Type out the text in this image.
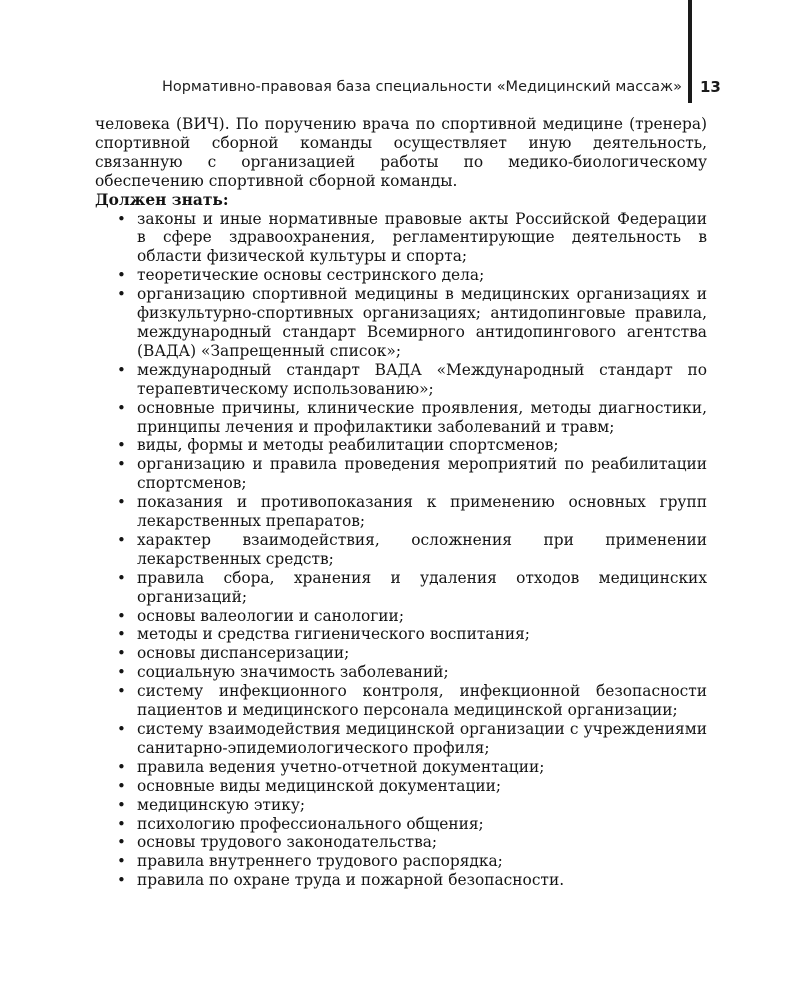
Нормативно-правовая база специальности «Медицинский массаж» 13

человека (ВИЧ). По поручению врача по спортивной медицине (тренера) спортивной сборной команды осуществляет иную деятельность, связанную с организацией работы по медико-биологическому обеспечению спортивной сборной команды.

Должен знать:

• законы и иные нормативные правовые акты Российской Федерации в сфере здравоохранения, регламентирующие деятельность в области физической культуры и спорта;
• теоретические основы сестринского дела;
• организацию спортивной медицины в медицинских организациях и физкультурно-спортивных организациях; антидопинговые правила, международный стандарт Всемирного антидопингового агентства (ВАДА) «Запрещенный список»;
• международный стандарт ВАДА «Международный стандарт по терапевтическому использованию»;
• основные причины, клинические проявления, методы диагностики, принципы лечения и профилактики заболеваний и травм;
• виды, формы и методы реабилитации спортсменов;
• организацию и правила проведения мероприятий по реабилитации спортсменов;
• показания и противопоказания к применению основных групп лекарственных препаратов;
• характер взаимодействия, осложнения при применении лекарственных средств;
• правила сбора, хранения и удаления отходов медицинских организаций;
• основы валеологии и санологии;
• методы и средства гигиенического воспитания;
• основы диспансеризации;
• социальную значимость заболеваний;
• систему инфекционного контроля, инфекционной безопасности пациентов и медицинского персонала медицинской организации;
• систему взаимодействия медицинской организации с учреждениями санитарно-эпидемиологического профиля;
• правила ведения учетно-отчетной документации;
• основные виды медицинской документации;
• медицинскую этику;
• психологию профессионального общения;
• основы трудового законодательства;
• правила внутреннего трудового распорядка;
• правила по охране труда и пожарной безопасности.
